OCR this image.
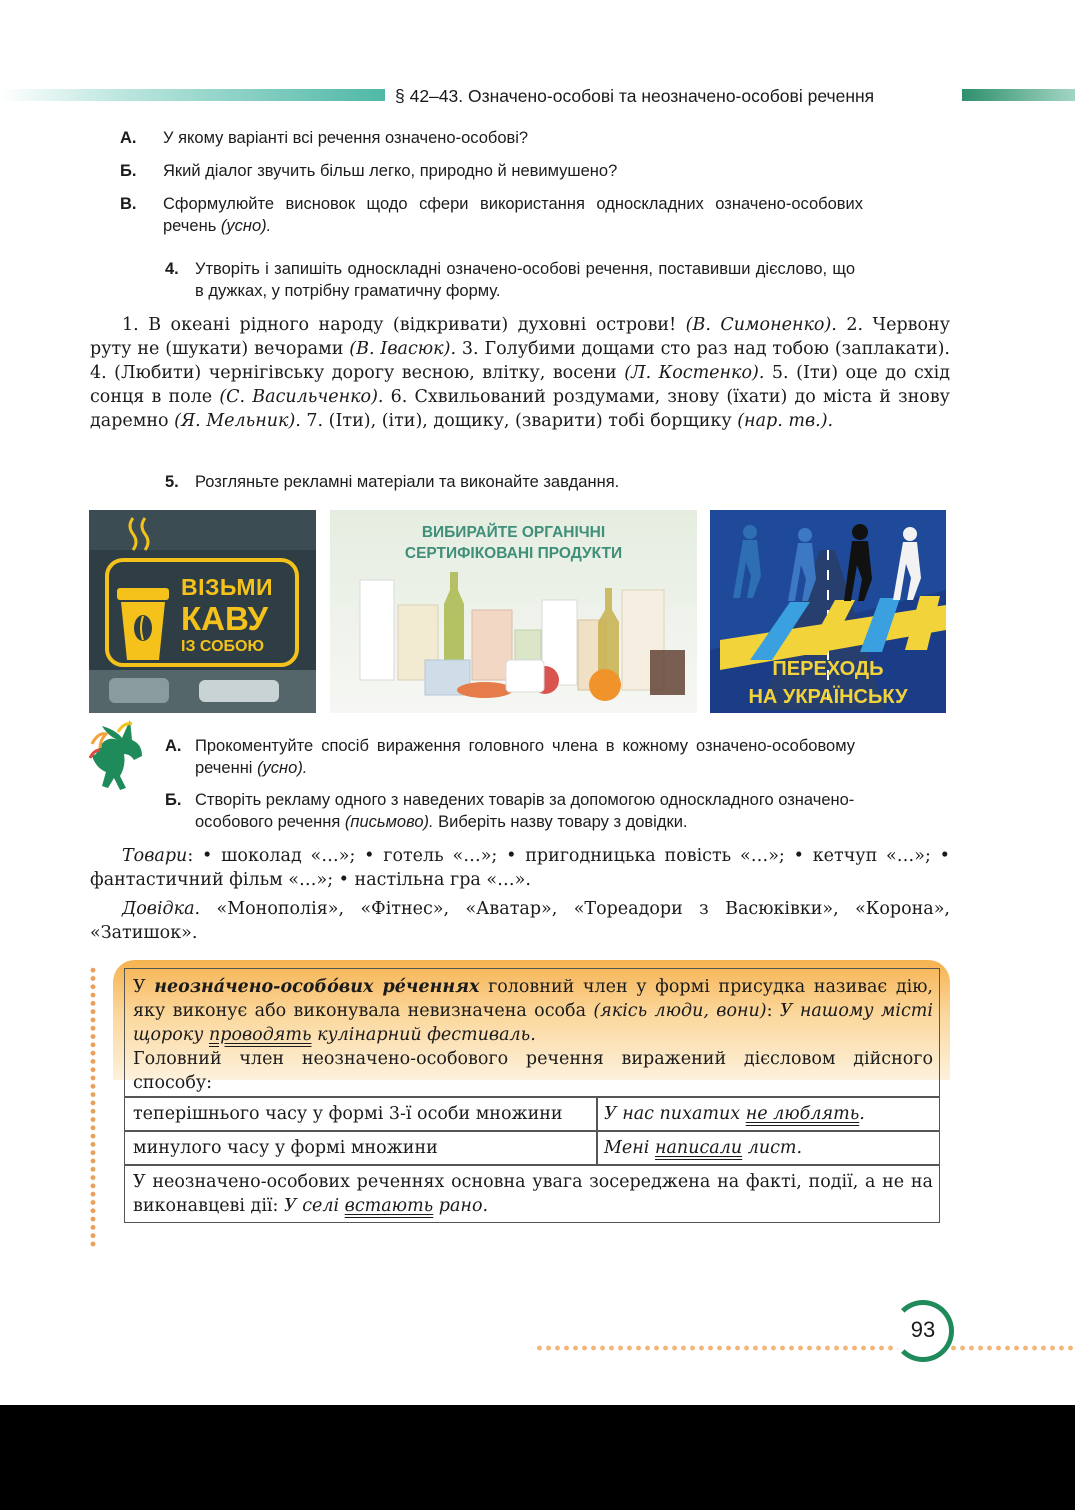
§ 42–43. Означено-особові та неозначено-особові речення
А. У якому варіанті всі речення означено-особові?
Б. Який діалог звучить більш легко, природно й невимушено?
В. Сформулюйте висновок щодо сфери використання односкладних означено-особових речень (усно).
4. Утворіть і запишіть односкладні означено-особові речення, поставивши дієслово, що в дужках, у потрібну граматичну форму.
1. В океані рідного народу (відкривати) духовні острови! (В. Симоненко). 2. Червону руту не (шукати) вечорами (В. Івасюк). 3. Голубими дощами сто раз над тобою (заплакати). 4. (Любити) чернігівську дорогу весною, влітку, восени (Л. Костенко). 5. (Іти) оце до схід сонця в поле (С. Васильченко). 6. Схвильований роздумами, знову (їхати) до міста й знову даремно (Я. Мельник). 7. (Іти), (іти), дощику, (зварити) тобі борщику (нар. тв.).
5. Розгляньте рекламні матеріали та виконайте завдання.
ВІЗЬМИ
КАВУ
ІЗ СОБОЮ
ВИБИРАЙТЕ ОРГАНІЧНІ
СЕРТИФІКОВАНІ ПРОДУКТИ
ПЕРЕХОДЬ
НА УКРАЇНСЬКУ
А. Прокоментуйте спосіб вираження головного члена в кожному означено-особовому реченні (усно).
Б. Створіть рекламу одного з наведених товарів за допомогою односкладного означено-особового речення (письмово). Виберіть назву товару з довідки.
Товари: • шоколад «…»; • готель «…»; • пригодницька повість «…»; • кетчуп «…»; • фантастичний фільм «…»; • настільна гра «…».
Довідка. «Монополія», «Фітнес», «Аватар», «Тореадори з Васюківки», «Корона», «Затишок».
У неозна́чено-особо́вих ре́ченнях головний член у формі присудка називає дію, яку виконує або виконувала невизначена особа (якісь люди, вони): У нашому місті щороку проводять кулінарний фестиваль.
Головний член неозначено-особового речення виражений дієсловом дійсного способу:
теперішнього часу у формі 3-ї особи множини У нас пихатих не люблять.
минулого часу у формі множини	Мені написали лист.
У неозначено-особових реченнях основна увага зосереджена на факті, події, а не на виконавцеві дії: У селі встають рано.
93
